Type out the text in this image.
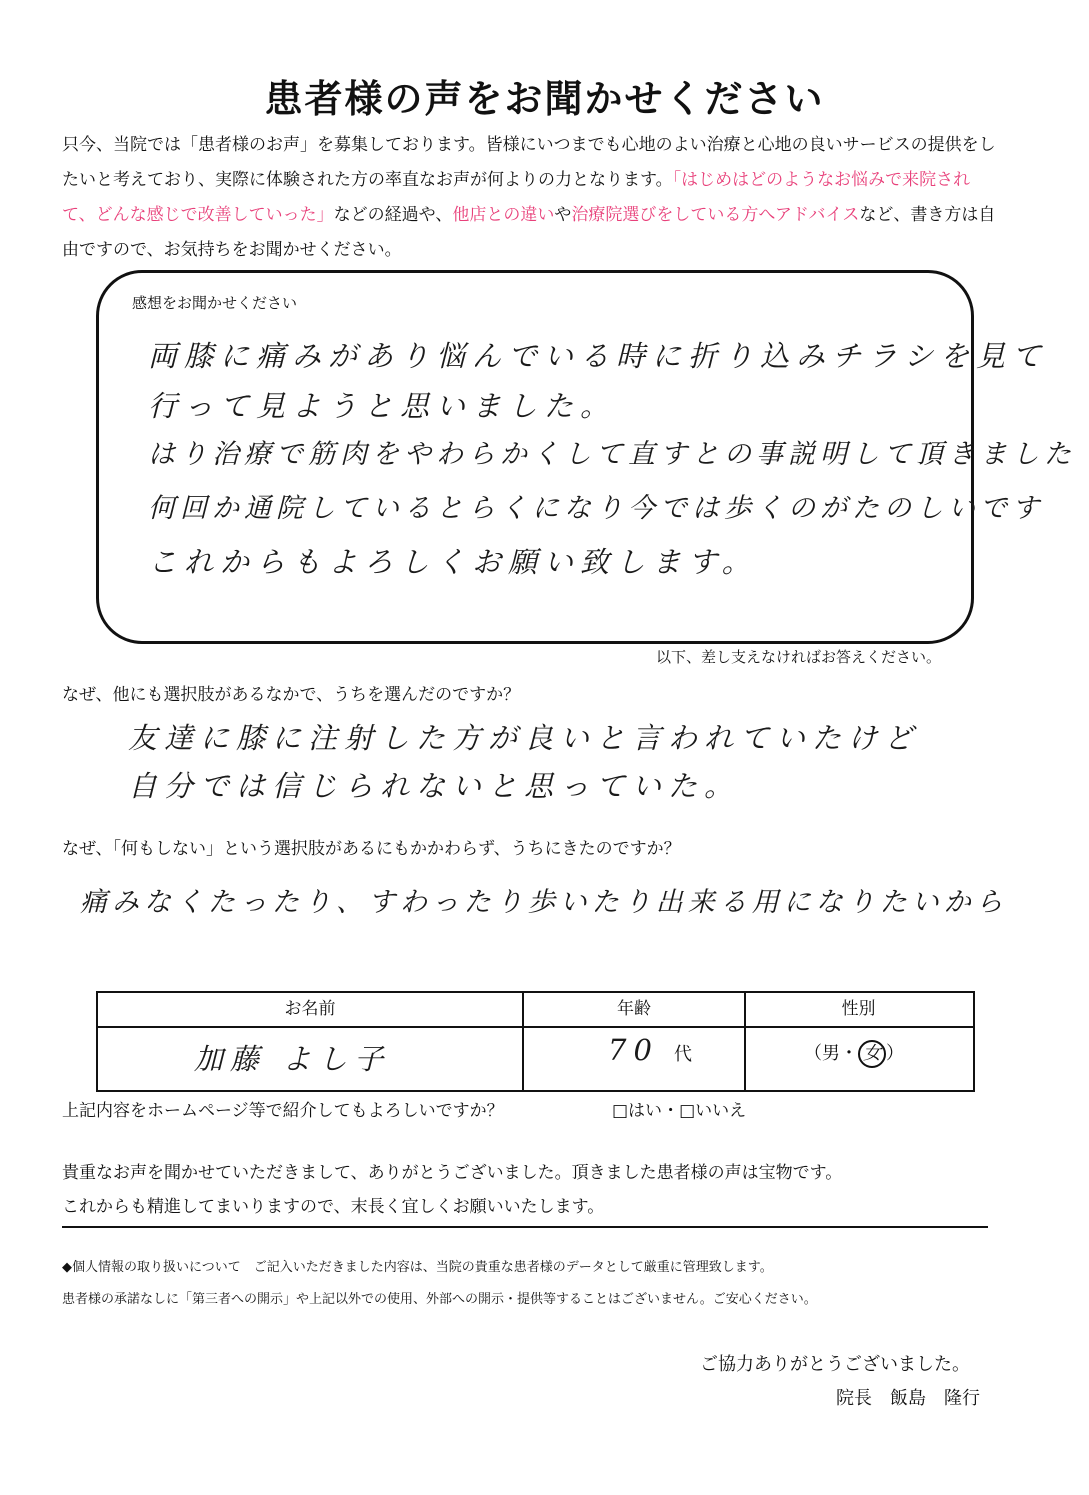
患者様の声をお聞かせください
只今、当院では「患者様のお声」を募集しております。皆様にいつまでも心地のよい治療と心地の良いサービスの提供をしたいと考えており、実際に体験された方の率直なお声が何よりの力となります。「はじめはどのようなお悩みで来院されて、どんな感じで改善していった」などの経過や、他店との違いや治療院選びをしている方へアドバイスなど、書き方は自由ですので、お気持ちをお聞かせください。
感想をお聞かせください
両膝に痛みがあり悩んでいる時に折り込みチラシを見て
行って見ようと思いました。
はり治療で筋肉をやわらかくして直すとの事説明して頂きました
何回か通院しているとらくになり今では歩くのがたのしいです
これからもよろしくお願い致します。
以下、差し支えなければお答えください。
なぜ、他にも選択肢があるなかで、うちを選んだのですか？
友達に膝に注射した方が良いと言われていたけど
自分では信じられないと思っていた。
なぜ、「何もしない」という選択肢があるにもかかわらず、うちにきたのですか？
痛みなくたったり、すわったり歩いたり出来る用になりたいから
お名前	年齢	性別
加藤 よし子	70 代	（男・ 女 ）
上記内容をホームページ等で紹介してもよろしいですか？	□はい・□いいえ
貴重なお声を聞かせていただきまして、ありがとうございました。頂きました患者様の声は宝物です。
これからも精進してまいりますので、末長く宜しくお願いいたします。
◆個人情報の取り扱いについて　ご記入いただきました内容は、当院の貴重な患者様のデータとして厳重に管理致します。
患者様の承諾なしに「第三者への開示」や上記以外での使用、外部への開示・提供等することはございません。ご安心ください。
ご協力ありがとうございました。
院長　飯島　隆行
